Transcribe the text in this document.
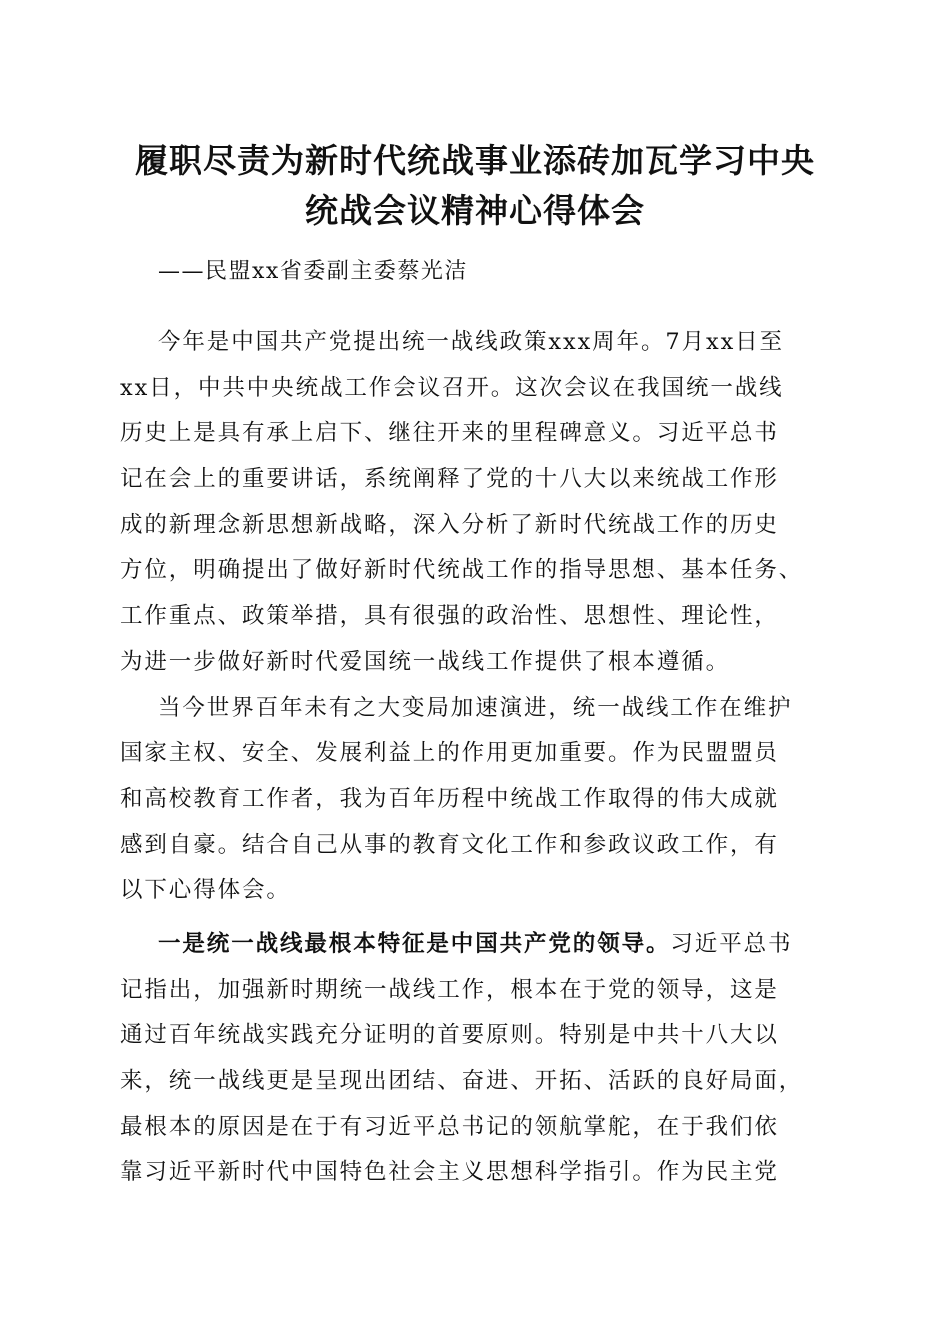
履职尽责为新时代统战事业添砖加瓦学习中央
统战会议精神心得体会
——民盟xx省委副主委蔡光洁
今年是中国共产党提出统一战线政策xxx周年。7月xx日至
xx日，中共中央统战工作会议召开。这次会议在我国统一战线
历史上是具有承上启下、继往开来的里程碑意义。习近平总书
记在会上的重要讲话，系统阐释了党的十八大以来统战工作形
成的新理念新思想新战略，深入分析了新时代统战工作的历史
方位，明确提出了做好新时代统战工作的指导思想、基本任务、
工作重点、政策举措，具有很强的政治性、思想性、理论性，
为进一步做好新时代爱国统一战线工作提供了根本遵循。
当今世界百年未有之大变局加速演进，统一战线工作在维护
国家主权、安全、发展利益上的作用更加重要。作为民盟盟员
和高校教育工作者，我为百年历程中统战工作取得的伟大成就
感到自豪。结合自己从事的教育文化工作和参政议政工作，有
以下心得体会。
一是统一战线最根本特征是中国共产党的领导。习近平总书
记指出，加强新时期统一战线工作，根本在于党的领导，这是
通过百年统战实践充分证明的首要原则。特别是中共十八大以
来，统一战线更是呈现出团结、奋进、开拓、活跃的良好局面，
最根本的原因是在于有习近平总书记的领航掌舵，在于我们依
靠习近平新时代中国特色社会主义思想科学指引。作为民主党
